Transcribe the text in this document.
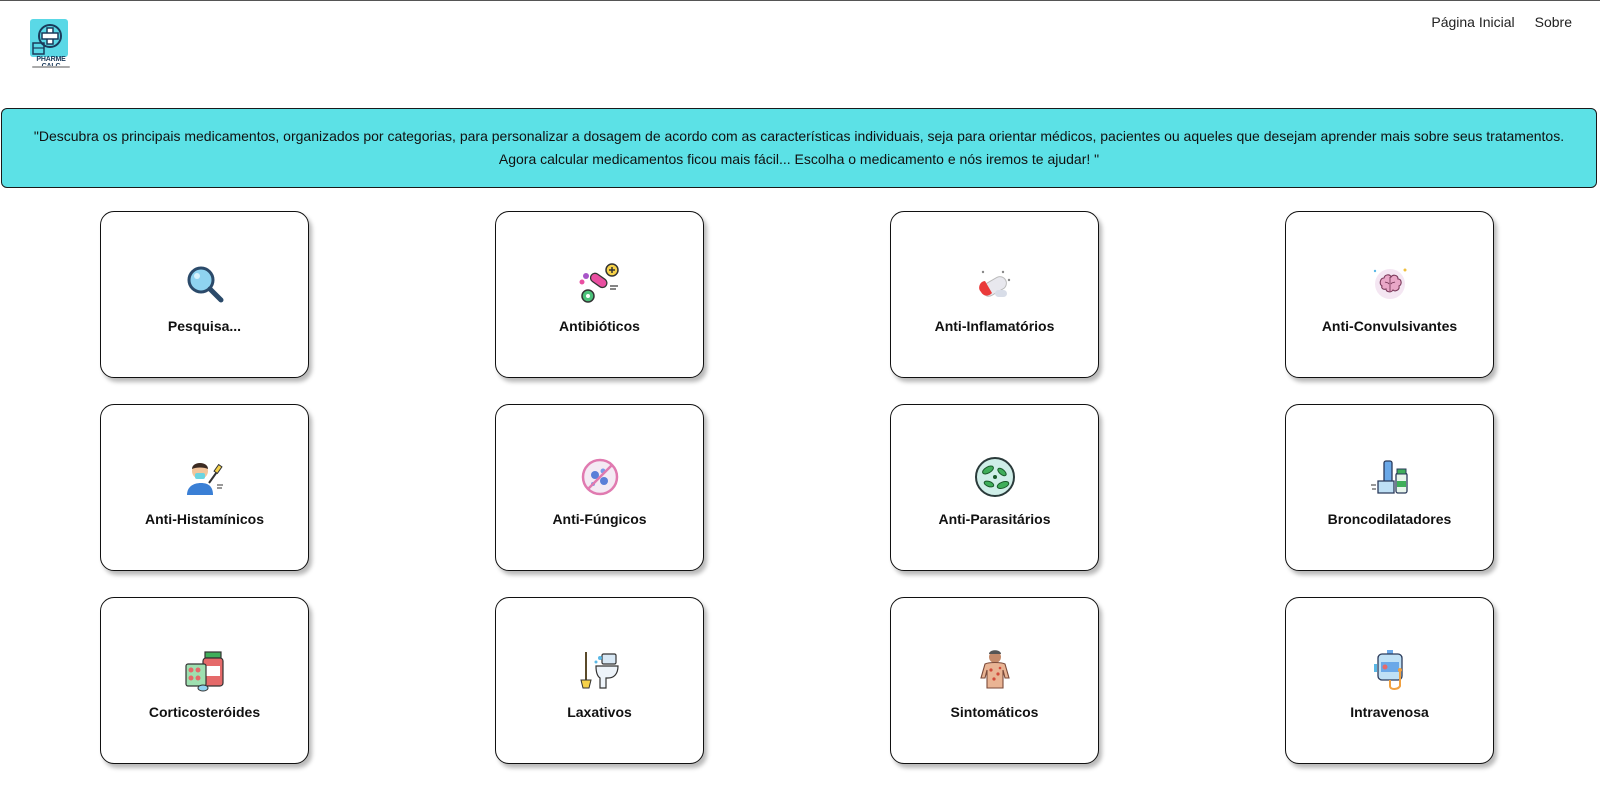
PHARME
Página Inicial Sobre

"Descubra os principais medicamentos, organizados por categorias, para personalizar a dosagem de acordo com as características individuais, seja para orientar médicos, pacientes ou aqueles que desejam aprender mais sobre seus tratamentos. Agora calcular medicamentos ficou mais fácil... Escolha o medicamento e nós iremos te ajudar! "

Pesquisa...	Antibióticos	Anti-Inflamatórios	Anti-Convulsivantes
Anti-Histamínicos	Anti-Fúngicos	Anti-Parasitários	Broncodilatadores
Corticosteróides	Laxativos	Sintomáticos	Intravenosa
